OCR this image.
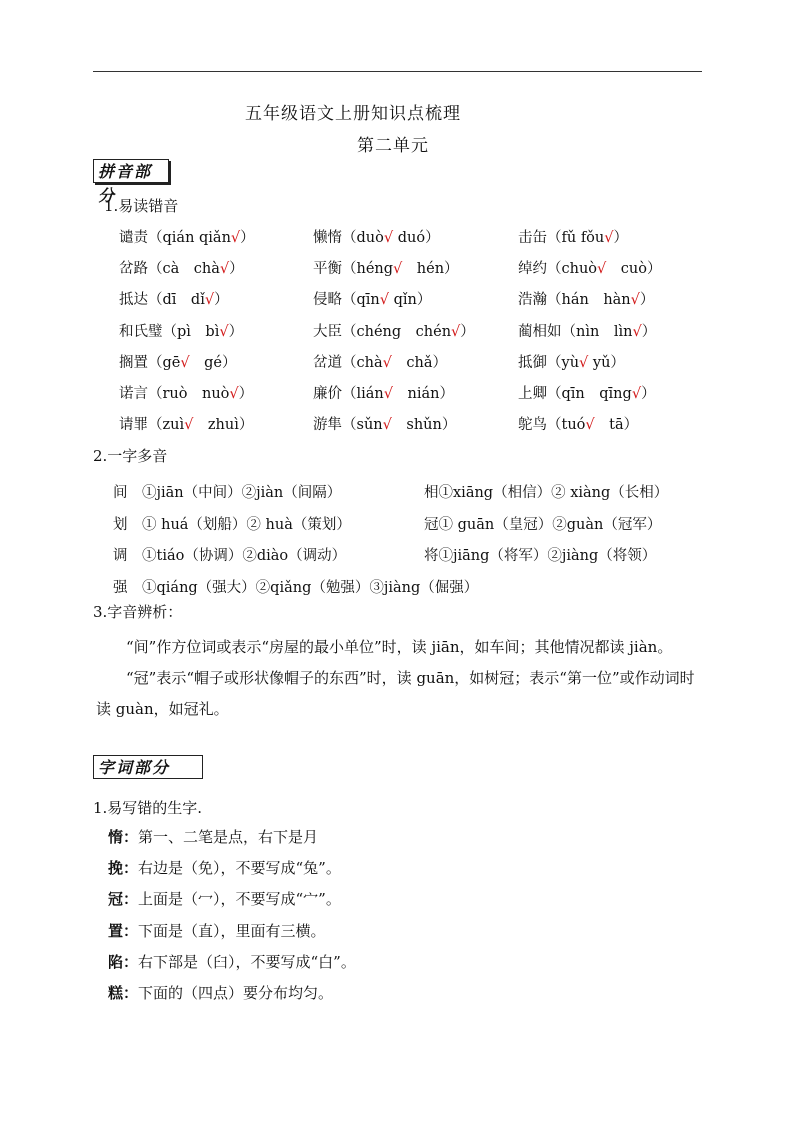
五年级语文上册知识点梳理
第二单元
拼音部分
1.易读错音
谴责（qián qiǎn√）	懒惰（duò√ duó）	击缶（fǔ fǒu√）
岔路（cà　chà√）	平衡（héng√　hén）	绰约（chuò√　cuò）
抵达（dī　dǐ√）	侵略（qīn√ qǐn）	浩瀚（hán　hàn√）
和氏璧（pì　bì√）	大臣（chéng　chén√）	蔺相如（nìn　lìn√）
搁置（gē√　gé）	岔道（chà√　chǎ）	抵御（yù√ yǔ）
诺言（ruò　nuò√）	廉价（lián√　nián）	上卿（qīn　qīng√）
请罪（zuì√　zhuì）	游隼（sǔn√　shǔn）	鸵鸟（tuó√　tā）
2.一字多音
间　①jiān（中间）②jiàn（间隔）	相①xiāng（相信）② xiàng（长相）
划　① huá（划船）② huà（策划）	冠① guān（皇冠）②guàn（冠军）
调　①tiáo（协调）②diào（调动）	将①jiāng（将军）②jiàng（将领）
强　①qiáng（强大）②qiǎng（勉强）③jiàng（倔强）
3.字音辨析：

“间”作方位词或表示“房屋的最小单位”时，读 jiān，如车间；其他情况都读 jiàn。

“冠”表示“帽子或形状像帽子的东西”时，读 guān，如树冠；表示“第一位”或作动词时读 guàn，如冠礼。

字词部分
1.易写错的生字.
惰：第一、二笔是点，右下是月
挽：右边是（免），不要写成“兔”。
冠：上面是（冖），不要写成“宀”。
置：下面是（直），里面有三横。
陷：右下部是（臼），不要写成“白”。
糕：下面的（四点）要分布均匀。
